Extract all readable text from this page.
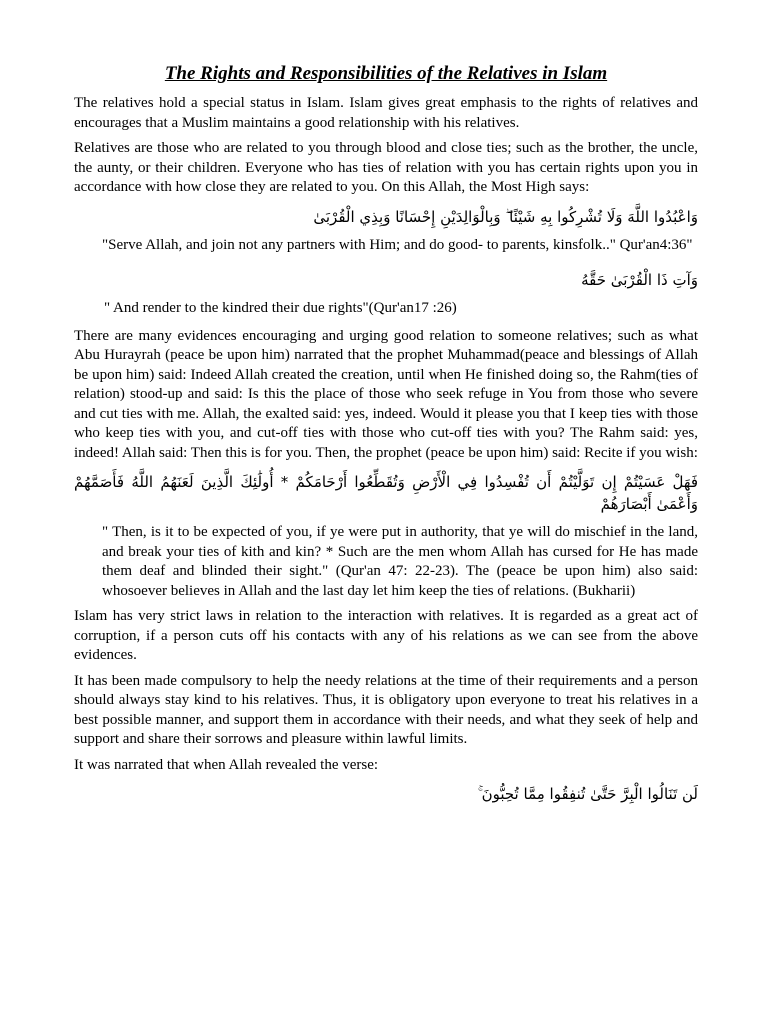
The Rights and Responsibilities of the Relatives in Islam

The relatives hold a special status in Islam. Islam gives great emphasis to the rights of relatives and encourages that a Muslim maintains a good relationship with his relatives.

Relatives are those who are related to you through blood and close ties; such as the brother, the uncle, the aunty, or their children. Everyone who has ties of relation with you has certain rights upon you in accordance with how close they are related to you. On this Allah, the Most High says:

وَاعْبُدُوا اللَّهَ وَلَا تُشْرِكُوا بِهِ شَيْئًا ۖ وَبِالْوَالِدَيْنِ إِحْسَانًا وَبِذِي الْقُرْبَىٰ

"Serve Allah, and join not any partners with Him; and do good- to parents, kinsfolk.." Qur'an4:36"

وَآتِ ذَا الْقُرْبَىٰ حَقَّهُ

" And render to the kindred their due rights"(Qur'an17 :26)

There are many evidences encouraging and urging good relation to someone relatives; such as what Abu Hurayrah (peace be upon him) narrated that the prophet Muhammad(peace and blessings of Allah be upon him) said: Indeed Allah created the creation, until when He finished doing so, the Rahm(ties of relation) stood-up and said: Is this the place of those who seek refuge in You from those who severe and cut ties with me. Allah, the exalted said: yes, indeed. Would it please you that I keep ties with those who keep ties with you, and cut-off ties with those who cut-off ties with you? The Rahm said: yes, indeed! Allah said: Then this is for you. Then, the prophet (peace be upon him) said: Recite if you wish:

فَهَلْ عَسَيْتُمْ إِن تَوَلَّيْتُمْ أَن تُفْسِدُوا فِي الْأَرْضِ وَتُقَطِّعُوا أَرْحَامَكُمْ * أُولَٰئِكَ الَّذِينَ لَعَنَهُمُ اللَّهُ فَأَصَمَّهُمْ وَأَعْمَىٰ أَبْصَارَهُمْ

" Then, is it to be expected of you, if ye were put in authority, that ye will do mischief in the land, and break your ties of kith and kin? * Such are the men whom Allah has cursed for He has made them deaf and blinded their sight." (Qur'an 47: 22-23). The (peace be upon him) also said: whosoever believes in Allah and the last day let him keep the ties of relations. (Bukharii)

Islam has very strict laws in relation to the interaction with relatives. It is regarded as a great act of corruption, if a person cuts off his contacts with any of his relations as we can see from the above evidences.

It has been made compulsory to help the needy relations at the time of their requirements and a person should always stay kind to his relatives. Thus, it is obligatory upon everyone to treat his relatives in a best possible manner, and support them in accordance with their needs, and what they seek of help and support and share their sorrows and pleasure within lawful limits.

It was narrated that when Allah revealed the verse:

لَن تَنَالُوا الْبِرَّ حَتَّىٰ تُنفِقُوا مِمَّا تُحِبُّونَ ۚ
